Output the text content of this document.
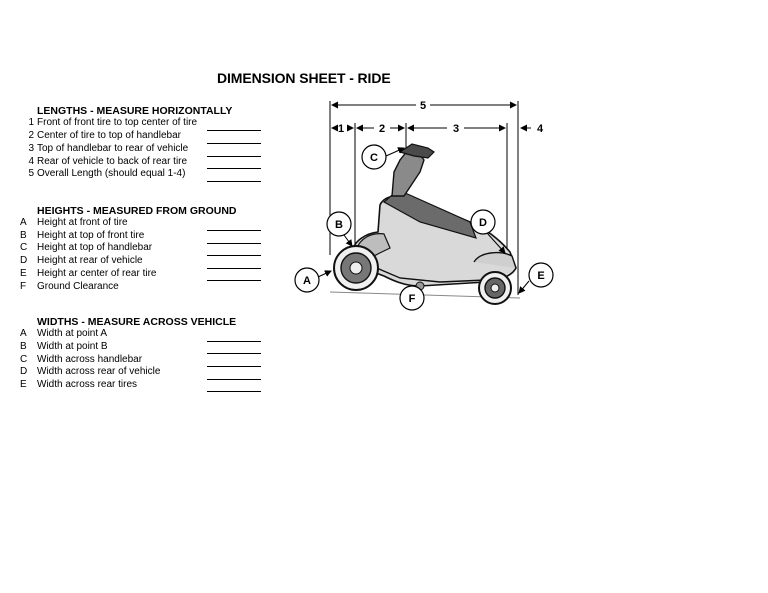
DIMENSION SHEET - RIDE
LENGTHS - MEASURE HORIZONTALLY
1 Front of front tire to top center of tire
2 Center of tire to top of handlebar
3 Top of handlebar to rear of vehicle
4 Rear of vehicle to back of rear tire
5 Overall Length (should equal 1-4)
HEIGHTS - MEASURED FROM GROUND
A	Height at front of tire
B	Height at top of front tire
C Height at top of handlebar
D Height at rear of vehicle
E	Height ar center of rear tire
F	Ground Clearance
WIDTHS - MEASURE ACROSS VEHICLE
A	Width at point A
B	Width at point B
C Width across handlebar
D Width across rear of vehicle
E	Width across rear tires
5
1	2	3	4
A
B
C
D
E
F
